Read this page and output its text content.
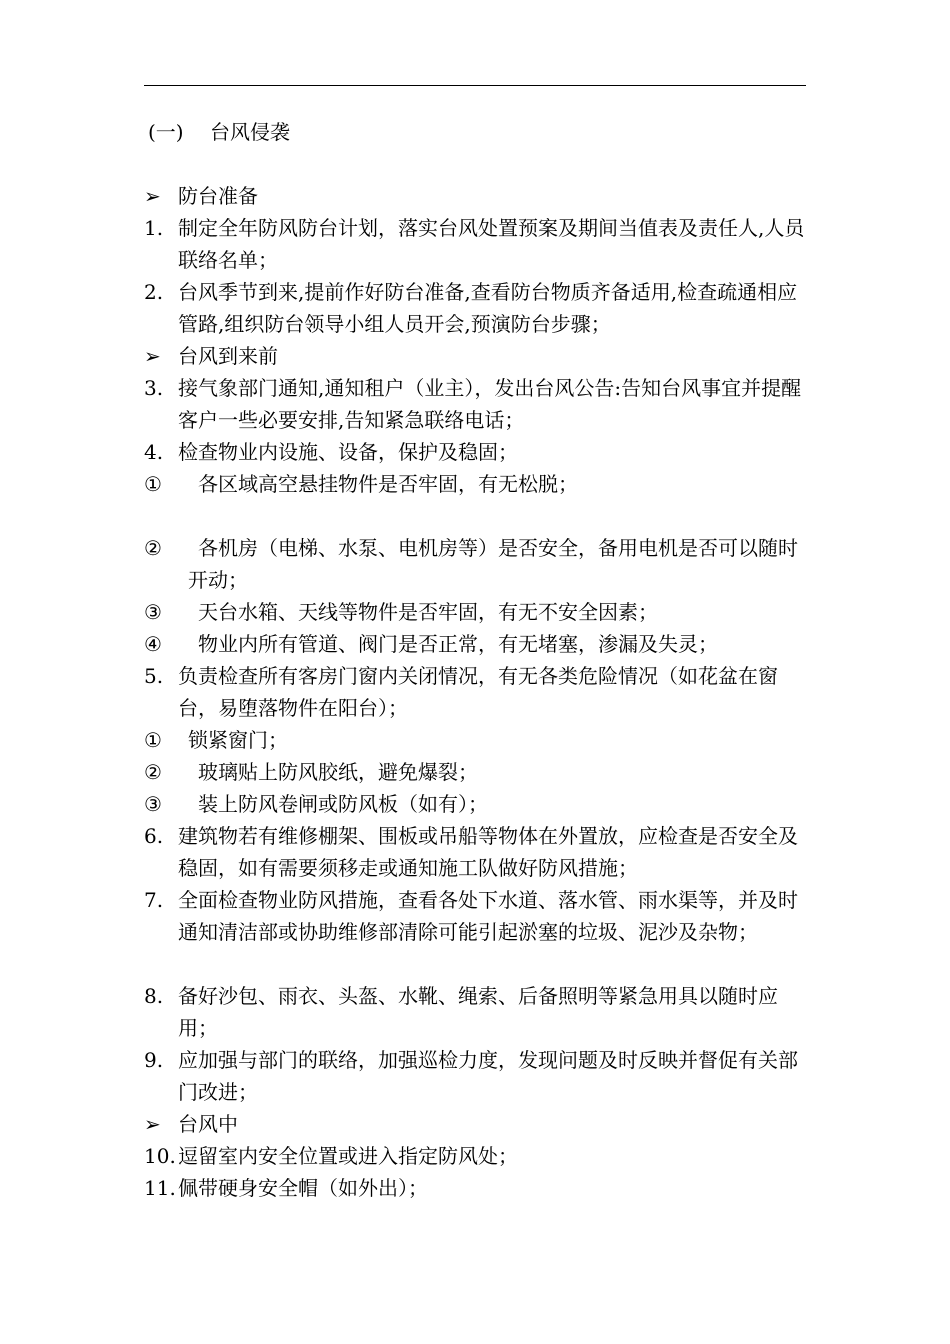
(一) 台风侵袭
➢ 防台准备
1. 制定全年防风防台计划，落实台风处置预案及期间当值表及责任人,人员联络名单；
2. 台风季节到来,提前作好防台准备,查看防台物质齐备适用,检查疏通相应管路,组织防台领导小组人员开会,预演防台步骤；
➢ 台风到来前
3. 接气象部门通知,通知租户（业主），发出台风公告:告知台风事宜并提醒客户一些必要安排,告知紧急联络电话；
4. 检查物业内设施、设备，保护及稳固；
①	各区域高空悬挂物件是否牢固，有无松脱；
②	各机房（电梯、水泵、电机房等）是否安全，备用电机是否可以随时开动；
③	天台水箱、天线等物件是否牢固，有无不安全因素；
④	物业内所有管道、阀门是否正常，有无堵塞，渗漏及失灵；
5. 负责检查所有客房门窗内关闭情况，有无各类危险情况（如花盆在窗台，易堕落物件在阳台）；
①	锁紧窗门；
②	玻璃贴上防风胶纸，避免爆裂；
③	装上防风卷闸或防风板（如有）；
6. 建筑物若有维修棚架、围板或吊船等物体在外置放，应检查是否安全及稳固，如有需要须移走或通知施工队做好防风措施；
7. 全面检查物业防风措施，查看各处下水道、落水管、雨水渠等，并及时通知清洁部或协助维修部清除可能引起淤塞的垃圾、泥沙及杂物；
8. 备好沙包、雨衣、头盔、水靴、绳索、后备照明等紧急用具以随时应用；
9. 应加强与部门的联络，加强巡检力度，发现问题及时反映并督促有关部门改进；
➢ 台风中
10. 逗留室内安全位置或进入指定防风处；
11. 佩带硬身安全帽（如外出）；
